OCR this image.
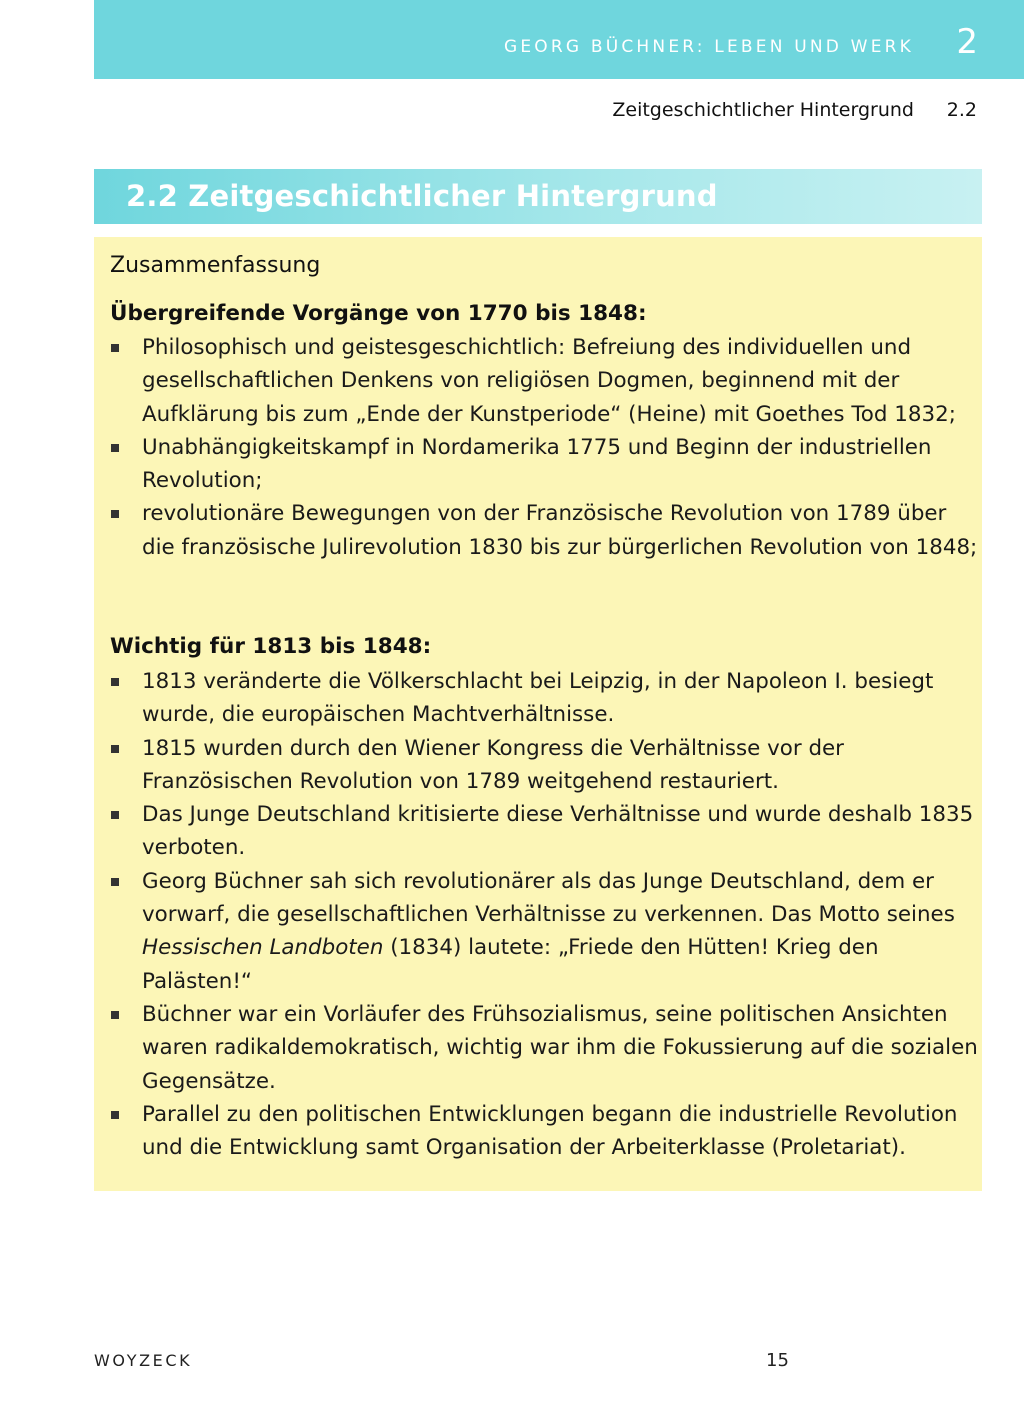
GEORG BÜCHNER: LEBEN UND WERK 2
Zeitgeschichtlicher Hintergrund 2.2
2.2 Zeitgeschichtlicher Hintergrund
Zusammenfassung
Übergreifende Vorgänge von 1770 bis 1848:
Philosophisch und geistesgeschichtlich: Befreiung des individuellen und gesellschaftlichen Denkens von religiösen Dogmen, beginnend mit der Aufklärung bis zum „Ende der Kunstperiode“ (Heine) mit Goethes Tod 1832;
Unabhängigkeitskampf in Nordamerika 1775 und Beginn der industriellen Revolution;
revolutionäre Bewegungen von der Französische Revolution von 1789 über die französische Julirevolution 1830 bis zur bürgerlichen Revolution von 1848;
Wichtig für 1813 bis 1848:
1813 veränderte die Völkerschlacht bei Leipzig, in der Napoleon I. besiegt wurde, die europäischen Machtverhältnisse.
1815 wurden durch den Wiener Kongress die Verhältnisse vor der Französischen Revolution von 1789 weitgehend restauriert.
Das Junge Deutschland kritisierte diese Verhältnisse und wurde deshalb 1835 verboten.
Georg Büchner sah sich revolutionärer als das Junge Deutschland, dem er vorwarf, die gesellschaftlichen Verhältnisse zu verkennen. Das Motto seines Hessischen Landboten (1834) lautete: „Friede den Hütten! Krieg den Palästen!“
Büchner war ein Vorläufer des Frühsozialismus, seine politischen Ansichten waren radikaldemokratisch, wichtig war ihm die Fokussierung auf die sozialen Gegensätze.
Parallel zu den politischen Entwicklungen begann die industrielle Revolution und die Entwicklung samt Organisation der Arbeiterklasse (Proletariat).
WOYZECK	15
